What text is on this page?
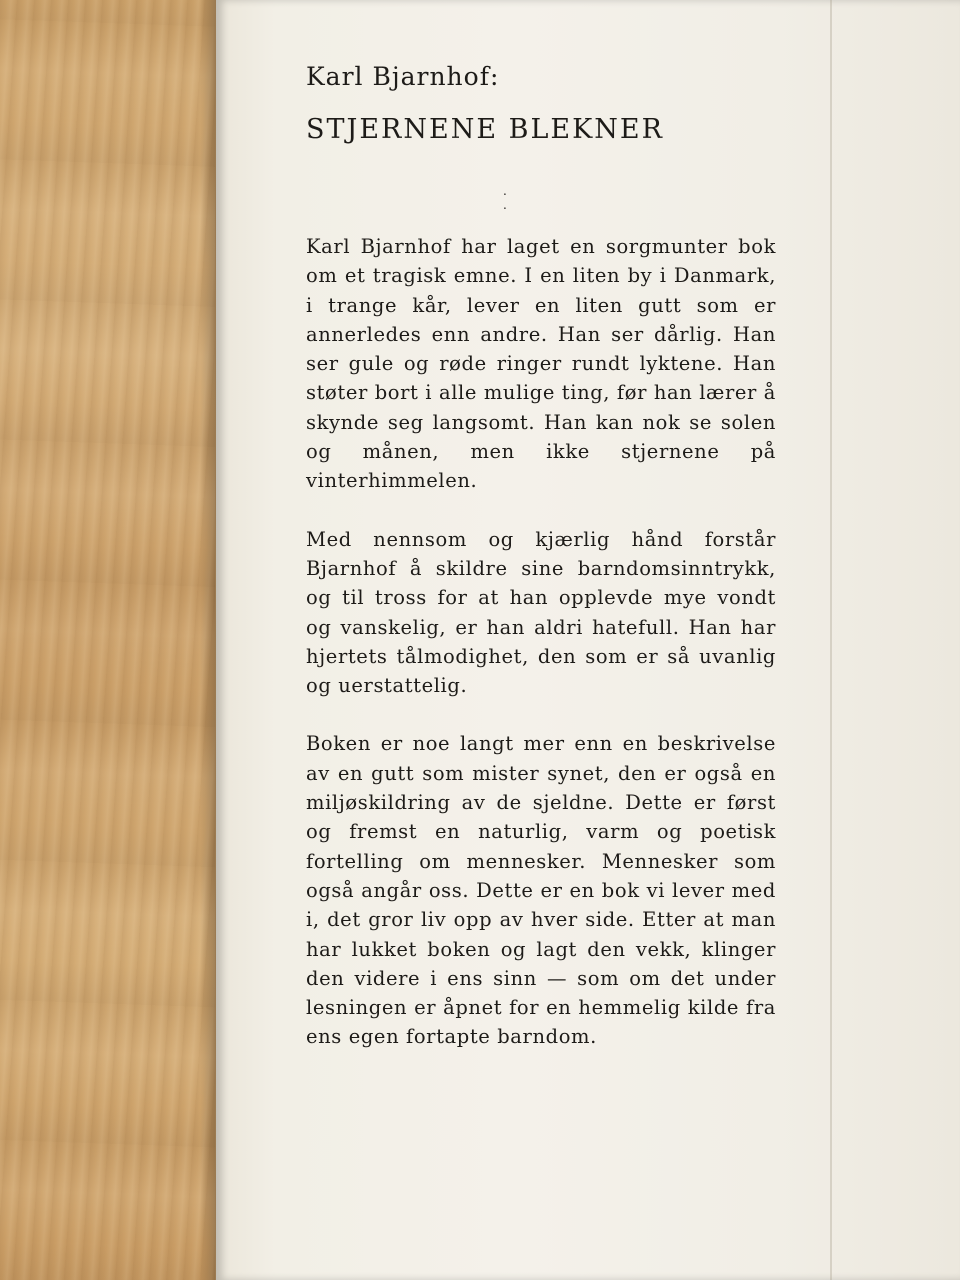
Karl Bjarnhof:

STJERNENE BLEKNER
.
.

Karl Bjarnhof har laget en sorgmunter bok om et tragisk emne. I en liten by i Danmark, i trange kår, lever en liten gutt som er annerledes enn andre. Han ser dårlig. Han ser gule og røde ringer rundt lyktene. Han støter bort i alle mulige ting, før han lærer å skynde seg langsomt. Han kan nok se solen og månen, men ikke stjernene på vinterhimmelen.

Med nennsom og kjærlig hånd forstår Bjarnhof å skildre sine barndomsinntrykk, og til tross for at han opplevde mye vondt og vanskelig, er han aldri hatefull. Han har hjertets tålmodighet, den som er så uvanlig og uerstattelig.

Boken er noe langt mer enn en beskrivelse av en gutt som mister synet, den er også en miljøskildring av de sjeldne. Dette er først og fremst en naturlig, varm og poetisk fortelling om mennesker. Mennesker som også angår oss. Dette er en bok vi lever med i, det gror liv opp av hver side. Etter at man har lukket boken og lagt den vekk, klinger den videre i ens sinn — som om det under lesningen er åpnet for en hemmelig kilde fra ens egen fortapte barndom.
